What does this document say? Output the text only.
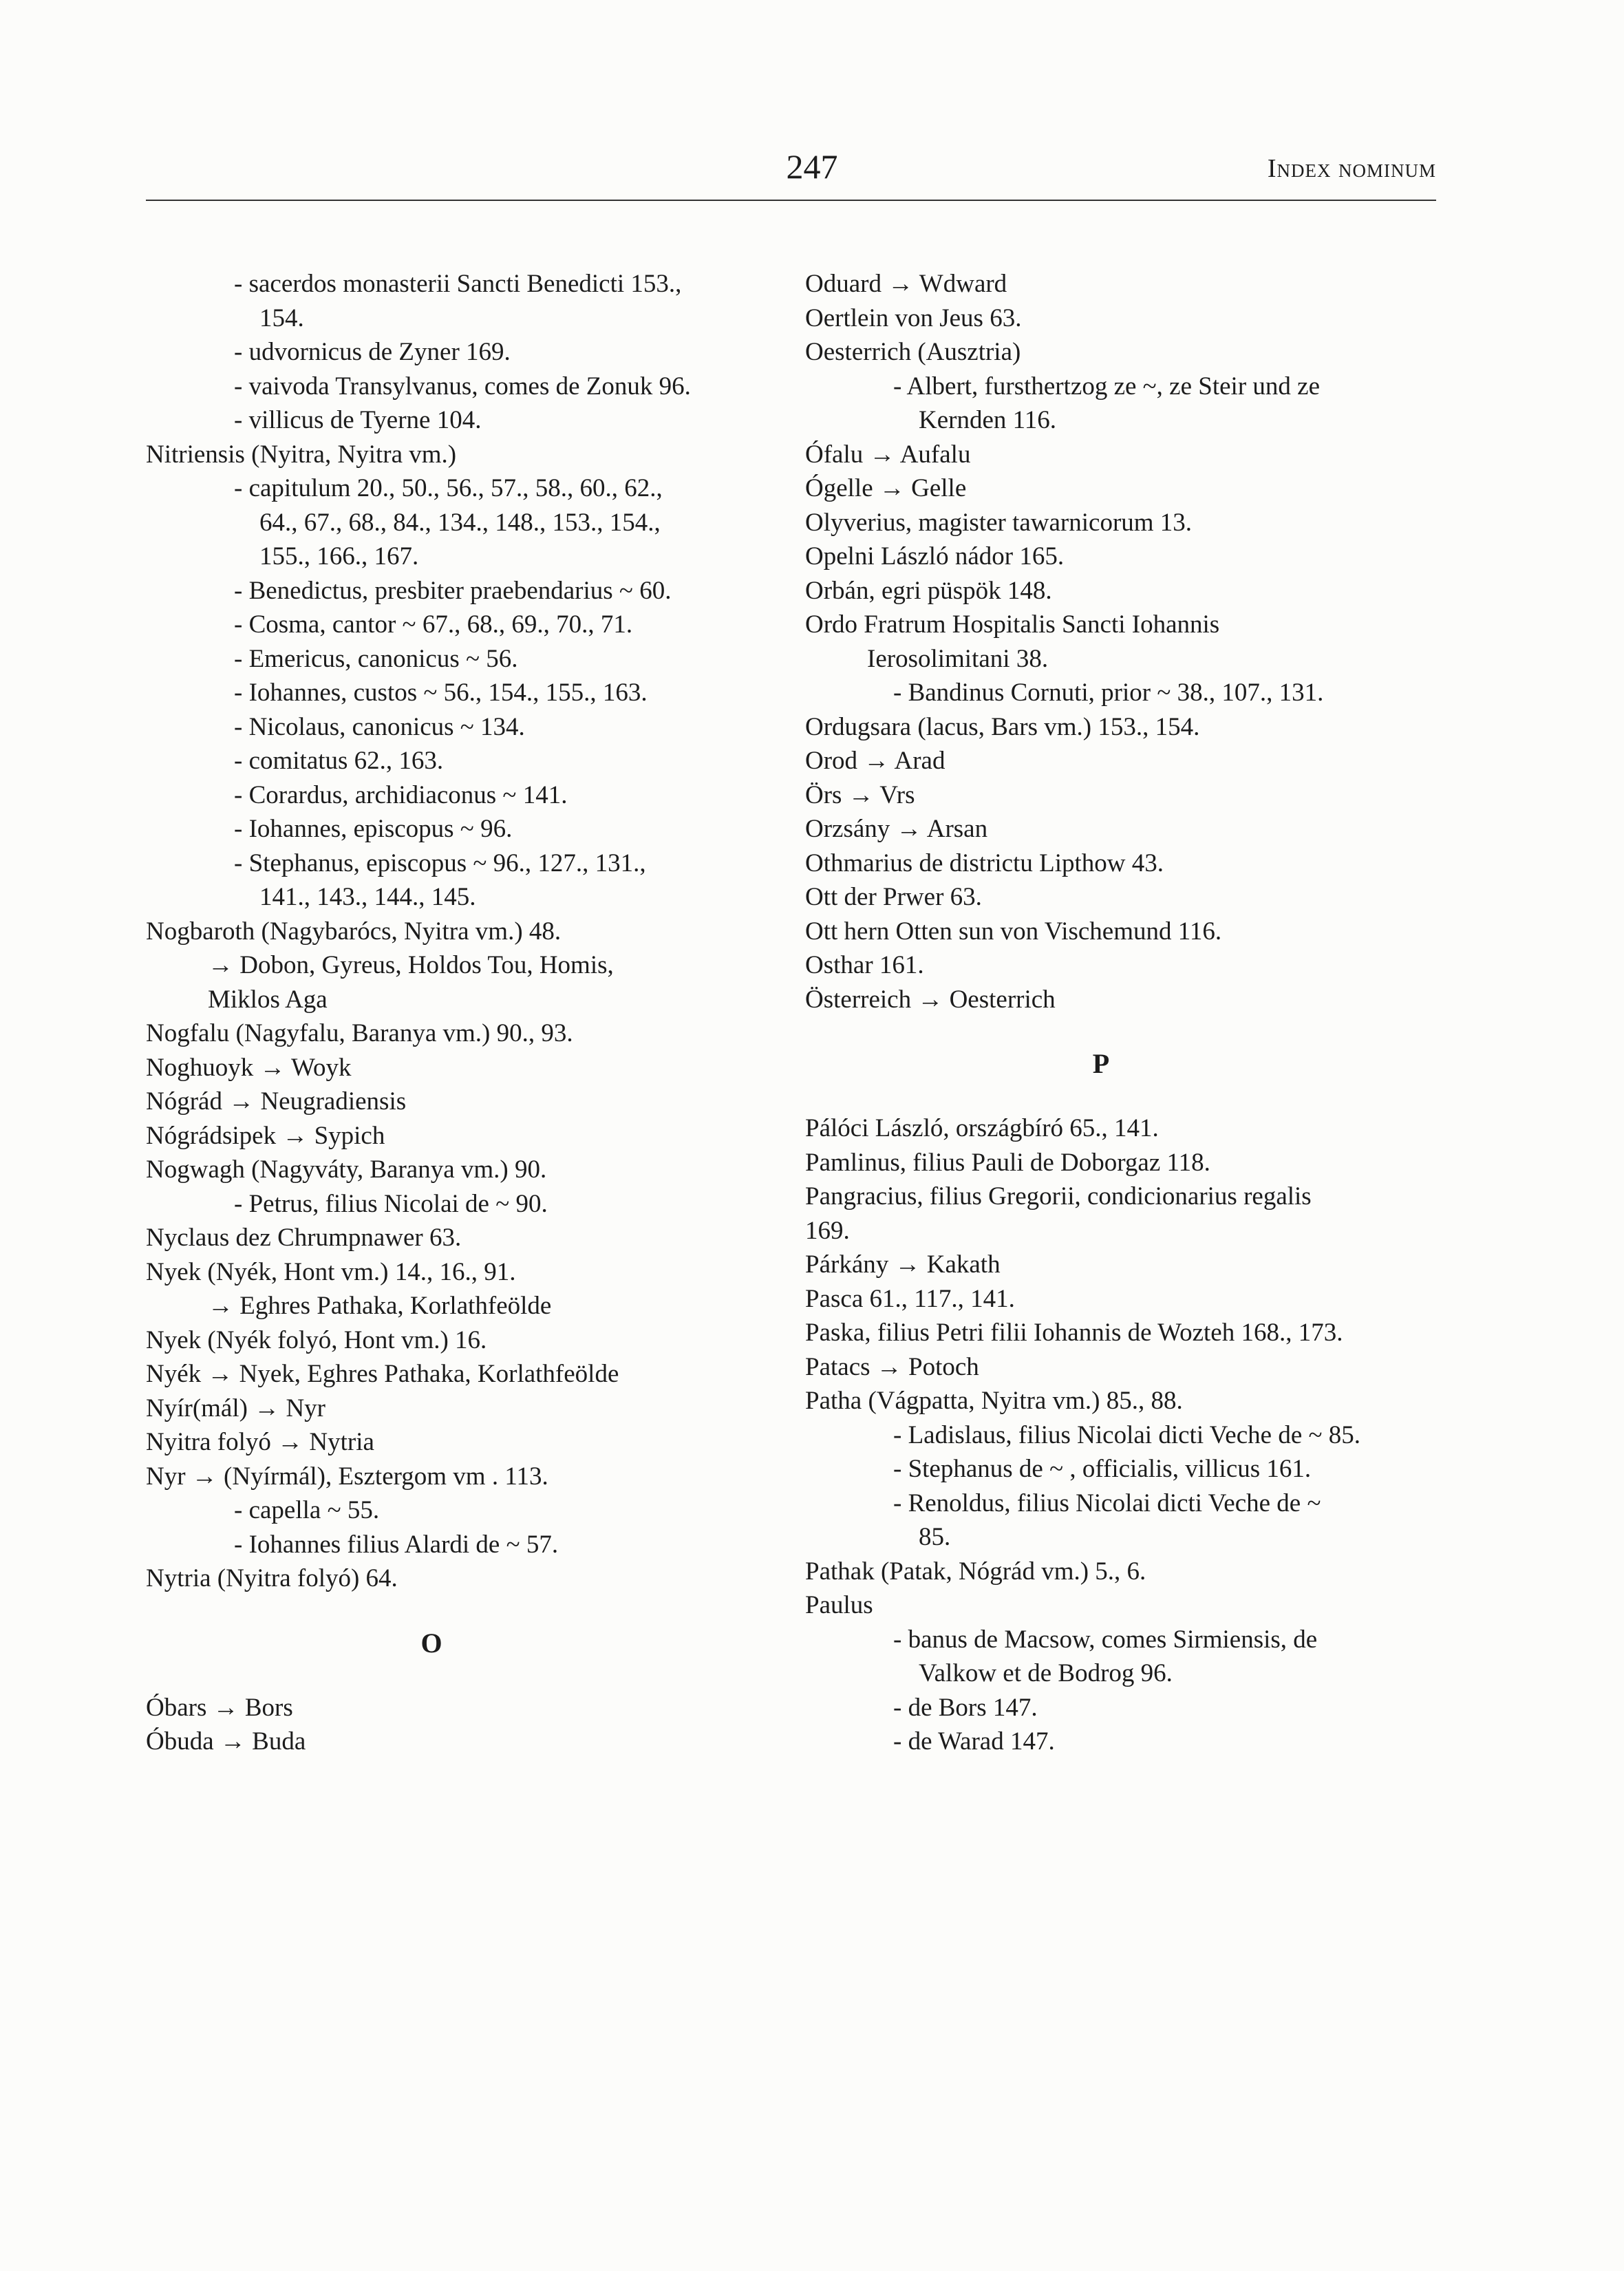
247	Index nominum

- sacerdos monasterii Sancti Benedicti 153.,
154.
- udvornicus de Zyner 169.
- vaivoda Transylvanus, comes de Zonuk 96.
- villicus de Tyerne 104.
Nitriensis (Nyitra, Nyitra vm.)
- capitulum 20., 50., 56., 57., 58., 60., 62.,
64., 67., 68., 84., 134., 148., 153., 154.,
155., 166., 167.
- Benedictus, presbiter praebendarius ~ 60.
- Cosma, cantor ~ 67., 68., 69., 70., 71.
- Emericus, canonicus ~ 56.
- Iohannes, custos ~ 56., 154., 155., 163.
- Nicolaus, canonicus ~ 134.
- comitatus 62., 163.
- Corardus, archidiaconus ~ 141.
- Iohannes, episcopus ~ 96.
- Stephanus, episcopus ~ 96., 127., 131.,
141., 143., 144., 145.
Nogbaroth (Nagybarócs, Nyitra vm.) 48.
→ Dobon, Gyreus, Holdos Tou, Homis,
Miklos Aga
Nogfalu (Nagyfalu, Baranya vm.) 90., 93.
Noghuoyk → Woyk
Nógrád → Neugradiensis
Nógrádsipek → Sypich
Nogwagh (Nagyváty, Baranya vm.) 90.
- Petrus, filius Nicolai de ~ 90.
Nyclaus dez Chrumpnawer 63.
Nyek (Nyék, Hont vm.) 14., 16., 91.
→ Eghres Pathaka, Korlathfeölde
Nyek (Nyék folyó, Hont vm.) 16.
Nyék → Nyek, Eghres Pathaka, Korlathfeölde
Nyír(mál) → Nyr
Nyitra folyó → Nytria
Nyr → (Nyírmál), Esztergom vm . 113.
- capella ~ 55.
- Iohannes filius Alardi de ~ 57.
Nytria (Nyitra folyó) 64.
O
Óbars → Bors
Óbuda → Buda
Oduard → Wdward
Oertlein von Jeus 63.
Oesterrich (Ausztria)
- Albert, fursthertzog ze ~, ze Steir und ze
Kernden 116.
Ófalu → Aufalu
Ógelle → Gelle
Olyverius, magister tawarnicorum 13.
Opelni László nádor 165.
Orbán, egri püspök 148.
Ordo Fratrum Hospitalis Sancti Iohannis
Ierosolimitani 38.
- Bandinus Cornuti, prior ~ 38., 107., 131.
Ordugsara (lacus, Bars vm.) 153., 154.
Orod → Arad
Örs → Vrs
Orzsány → Arsan
Othmarius de districtu Lipthow 43.
Ott der Prwer 63.
Ott hern Otten sun von Vischemund 116.
Osthar 161.
Österreich → Oesterrich
P
Pálóci László, országbíró 65., 141.
Pamlinus, filius Pauli de Doborgaz 118.
Pangracius, filius Gregorii, condicionarius regalis
169.
Párkány → Kakath
Pasca 61., 117., 141.
Paska, filius Petri filii Iohannis de Wozteh 168., 173.
Patacs → Potoch
Patha (Vágpatta, Nyitra vm.) 85., 88.
- Ladislaus, filius Nicolai dicti Veche de ~ 85.
- Stephanus de ~ , officialis, villicus 161.
- Renoldus, filius Nicolai dicti Veche de ~
85.
Pathak (Patak, Nógrád vm.) 5., 6.
Paulus
- banus de Macsow, comes Sirmiensis, de
Valkow et de Bodrog 96.
- de Bors 147.
- de Warad 147.
